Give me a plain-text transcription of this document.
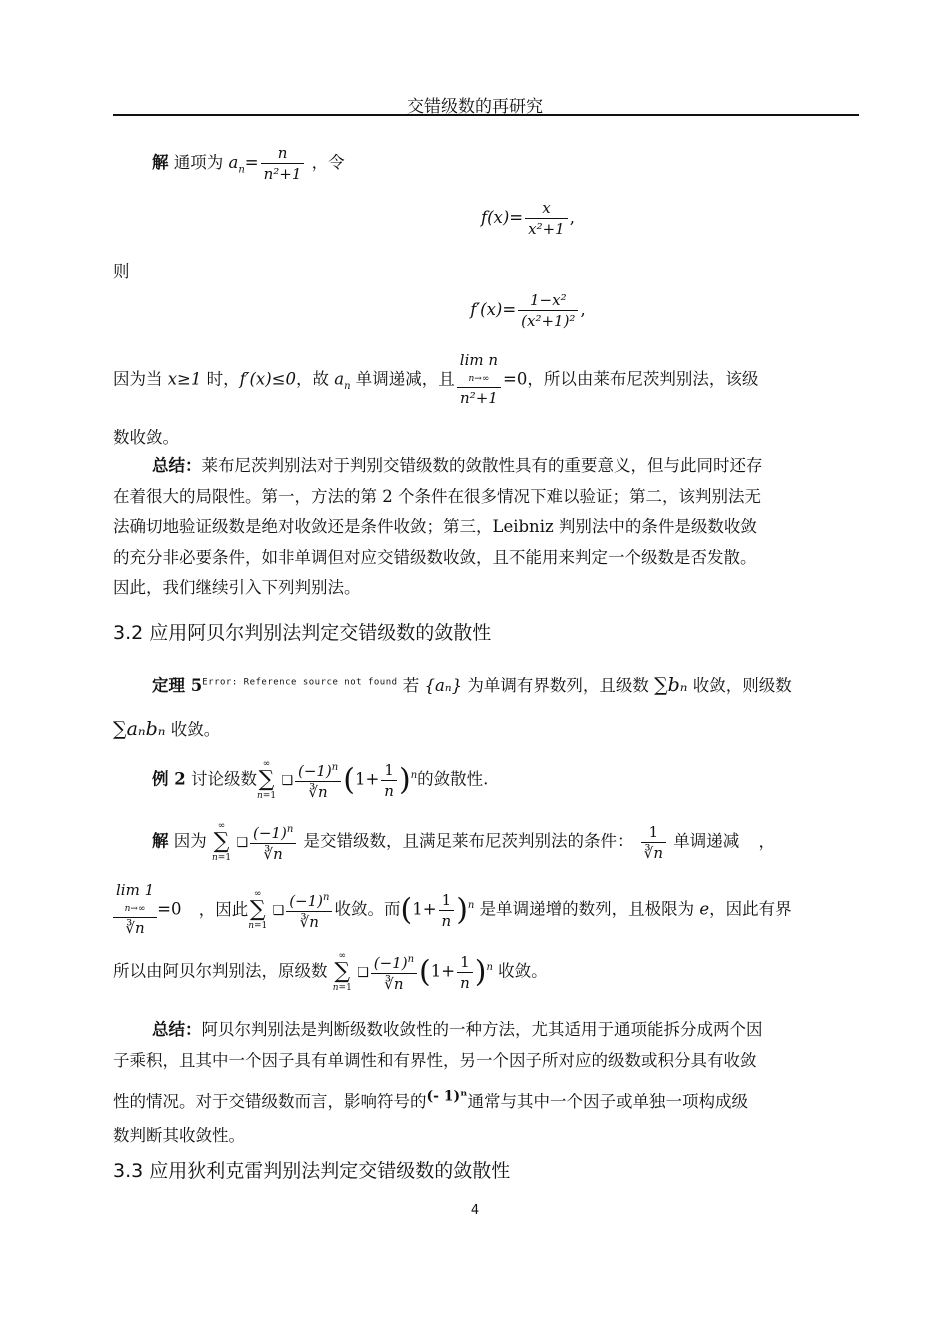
交错级数的再研究
解 通项为 $a_n= \frac{n}{\text{n²+1}}$ ，令
$f(x)= \frac{x}{\text{x²+1}}$ ,
则
$f'(x)= \frac{\text{1−x²}}{\text{(x²+1)²}}$ ,
因为当 x≥1 时，f′(x)≤0，故 $a_n$ 单调递减，且
lim n
n→∞
n²+1
=0，所以由莱布尼茨判别法，该级
数收敛。
总结：莱布尼茨判别法对于判别交错级数的敛散性具有的重要意义，但与此同时还存
在着很大的局限性。第一，方法的第 2 个条件在很多情况下难以验证；第二，该判别法无
法确切地验证级数是绝对收敛还是条件收敛；第三，Leibniz 判别法中的条件是级数收敛
的充分非必要条件，如非单调但对应交错级数收敛，且不能用来判定一个级数是否发散。
因此，我们继续引入下列判别法。
3.2 应用阿贝尔判别法判定交错级数的敛散性
定理 $5^{Error: Reference source not found}$ 若 {aₙ} 为单调有界数列，且级数 ∑bₙ 收敛，则级数
∑aₙbₙ 收敛。
例 2 讨论级数∞
∑
n=1 ❑ $\frac{(-1)^n}{∛n} (1+ \frac{1}{n} )^n$的敛散性.
解 因为 ∞
∑
n=1 ❑ $\frac{(-1)^n}{∛n}$ 是交错级数，且满足莱布尼茨判别法的条件： $\frac{1}{∛n}$ 单调递减 ，
lim 1
n→∞
∛n
=0 ，因此∞
∑
n=1 ❑ $\frac{(-1)^n}{∛n}$ 收敛。而$(1+ \frac{1}{n} )^n$ 是单调递增的数列，且极限为 e，因此有界
所以由阿贝尔判别法，原级数 ∞
∑
n=1 ❑ $\frac{(-1)^n}{∛n} (1+ \frac{1}{n} )^n$ 收敛。
总结：阿贝尔判别法是判断级数收敛性的一种方法，尤其适用于通项能拆分成两个因
子乘积，且其中一个因子具有单调性和有界性，另一个因子所对应的级数或积分具有收敛
性的情况。对于交错级数而言，影响符号的$^{(- 1)^n}$通常与其中一个因子或单独一项构成级
数判断其收敛性。
3.3 应用狄利克雷判别法判定交错级数的敛散性
4
